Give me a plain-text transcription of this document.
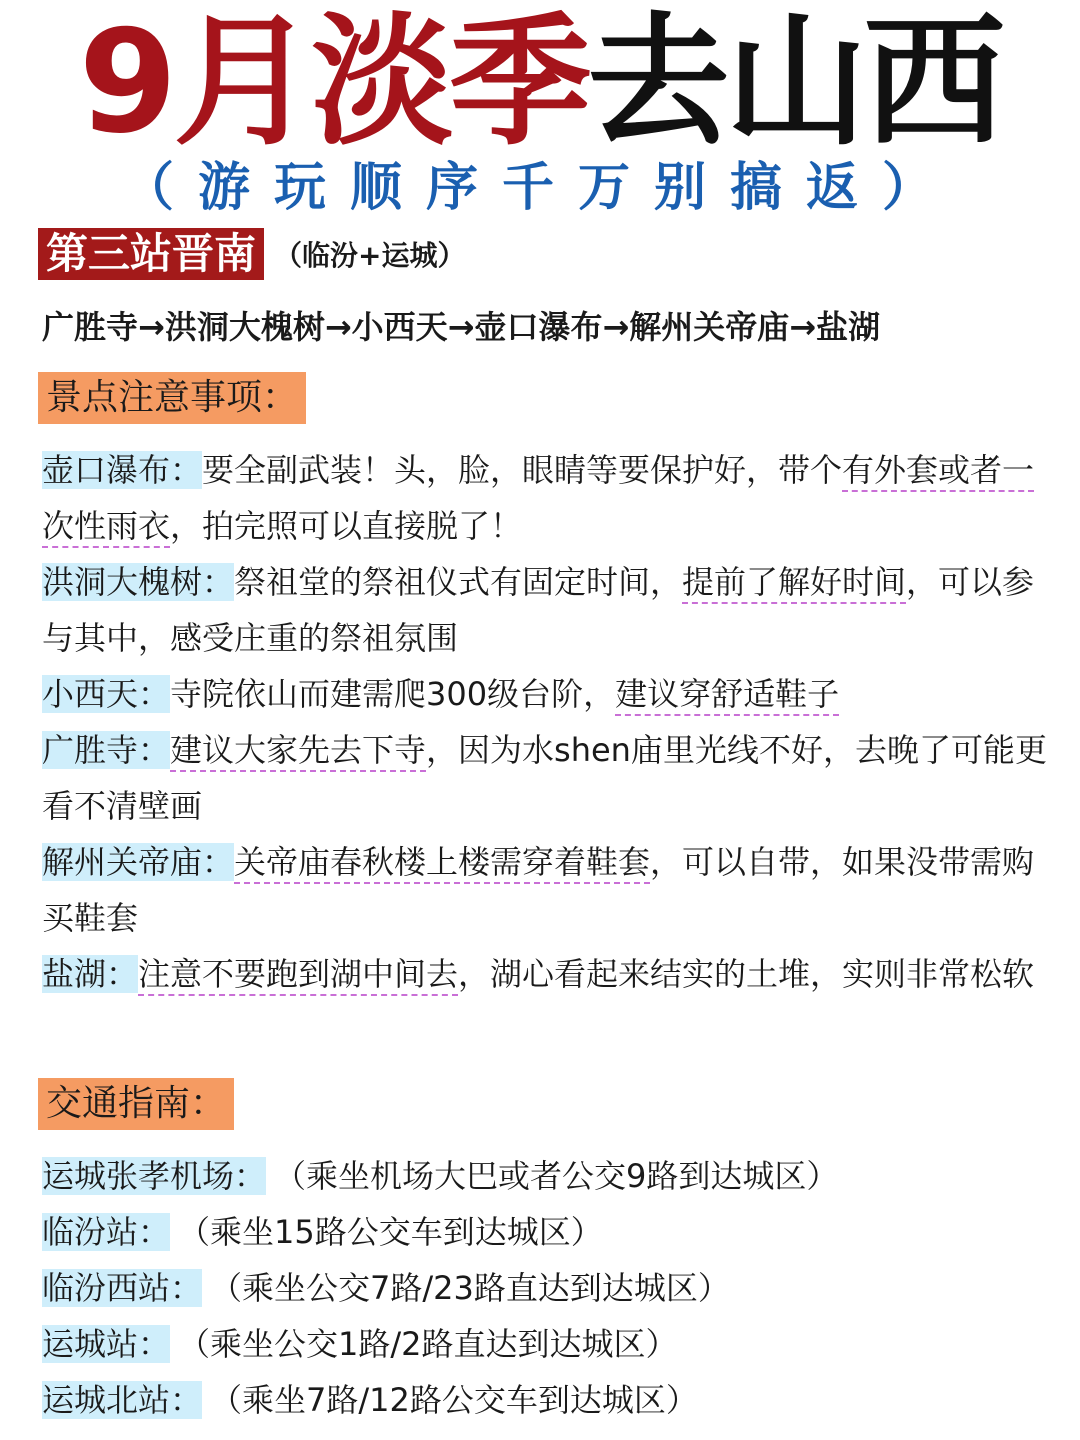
9月淡季去山西
（游玩顺序千万别搞返）
第三站晋南 （临汾+运城）
广胜寺→洪洞大槐树→小西天→壶口瀑布→解州关帝庙→盐湖
景点注意事项：

壶口瀑布：要全副武装！头，脸，眼睛等要保护好，带个有外套或者一次性雨衣，拍完照可以直接脱了！

洪洞大槐树：祭祖堂的祭祖仪式有固定时间，提前了解好时间，可以参与其中，感受庄重的祭祖氛围

小西天：寺院依山而建需爬300级台阶，建议穿舒适鞋子

广胜寺：建议大家先去下寺，因为水shen庙里光线不好，去晚了可能更看不清壁画

解州关帝庙：关帝庙春秋楼上楼需穿着鞋套，可以自带，如果没带需购买鞋套

盐湖：注意不要跑到湖中间去，湖心看起来结实的土堆，实则非常松软

交通指南：

运城张孝机场： （乘坐机场大巴或者公交9路到达城区）

临汾站： （乘坐15路公交车到达城区）

临汾西站： （乘坐公交7路/23路直达到达城区）

运城站： （乘坐公交1路/2路直达到达城区）

运城北站： （乘坐7路/12路公交车到达城区）
